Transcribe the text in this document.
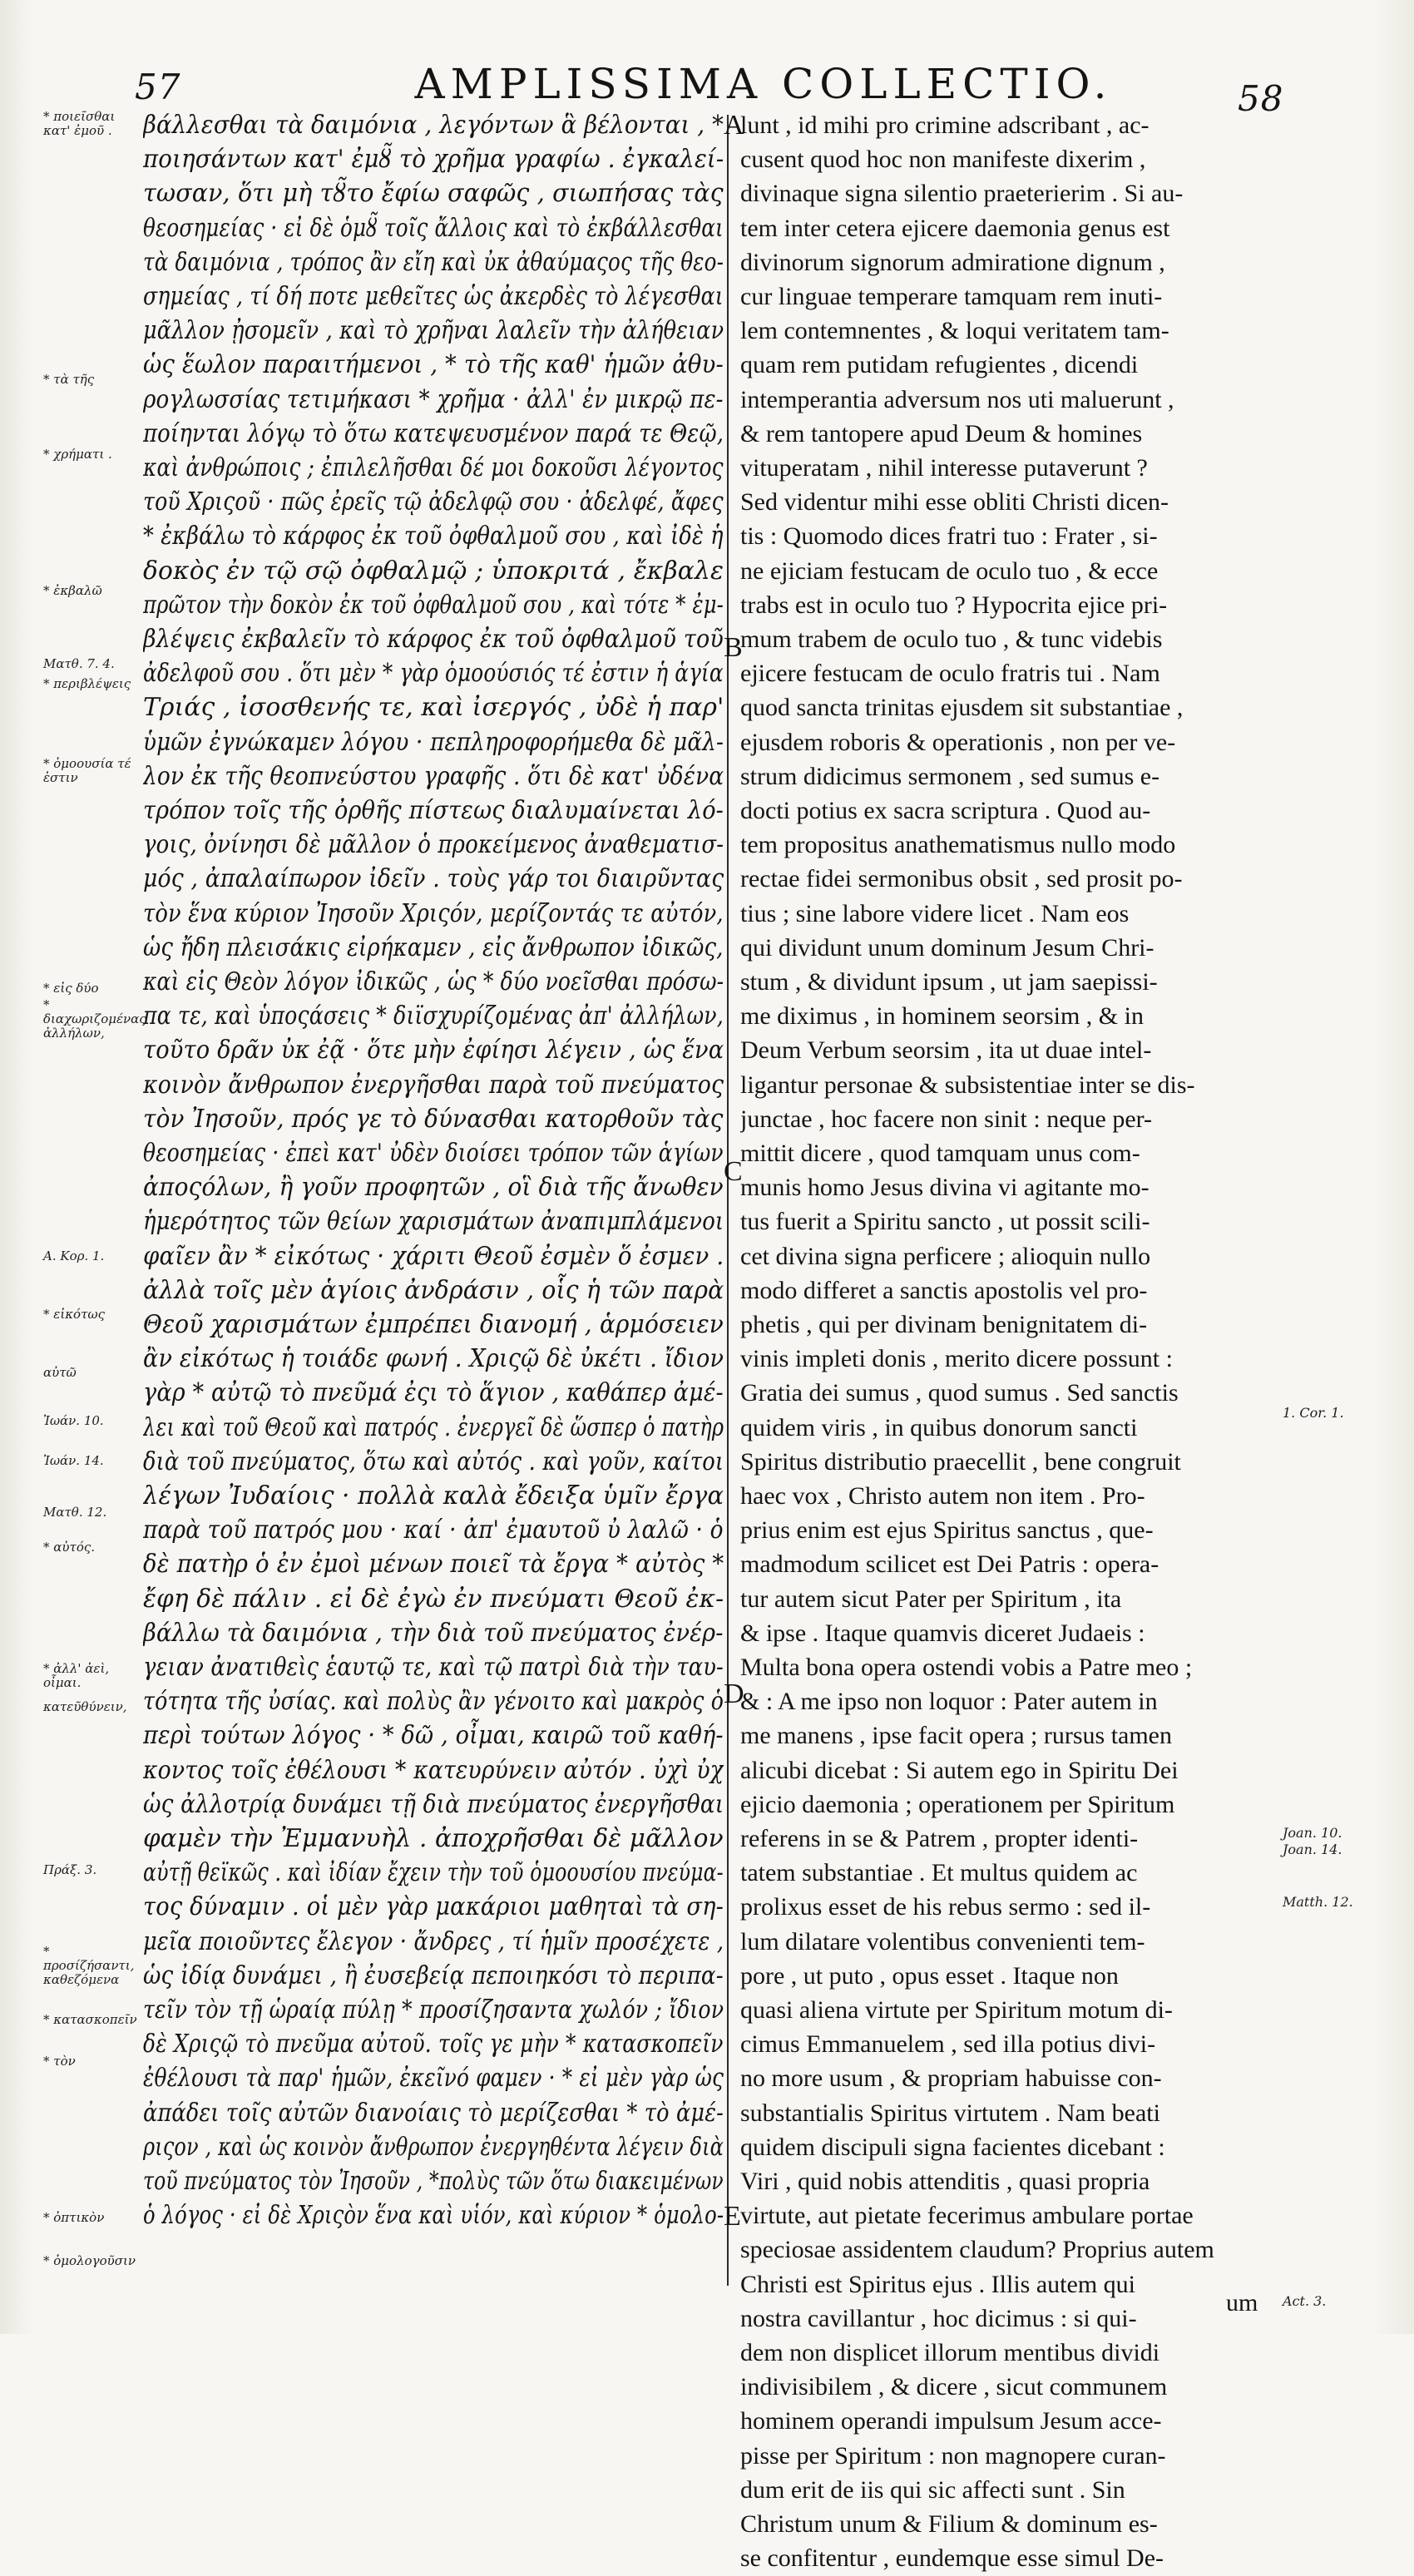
57	AMPLISSIMA COLLECTIO.	58
* ποιεῖσθαι κατ' ἐμοῦ .
* τὰ τῆς
* χρήματι .
* ἐκβαλῶ
Ματθ. 7. 4.
* περιβλέψεις
* ὁμοουσία τέ ἐστιν
* εἰς δύο
* διαχωριζομένας ἀλλήλων,
Α. Κορ. 1.
* εἰκότως
αὐτῶ
Ἰωάν. 10.
Ἰωάν. 14.
Ματθ. 12.
* αὐτός.
* ἀλλ' ἀεὶ, οἶμαι.
κατεῦθύνειν,
Πράξ. 3.
* προσίζήσαντι, καθεζόμενα
* κατασκοπεῖν
* τὸν
* ὀπτικὸν
* ὁμολογοῦσιν
βάλλεσθαι τὰ δαιμόνια , λεγόντων ἃ βέλονται , *
ποιησάντων κατ' ἐμȣ̃ τὸ χρῆμα γραφίω . ἐγκαλεί-
τωσαν, ὅτι μὴ τȣ̃το ἔφίω σαφῶς , σιωπήσας τὰς
θεοσημείας · εἰ δὲ ὁμȣ̃ τοῖς ἄλλοις καὶ τὸ ἐκβάλλεσθαι
τὰ δαιμόνια , τρόπος ἂν εἴη καὶ ὐκ ἀθαύμαςος τῆς θεο-
σημείας , τί δή ποτε μεθεῖτες ὡς ἀκερδὲς τὸ λέγεσθαι
μᾶλλον ᾐσομεῖν , καὶ τὸ χρῆναι λαλεῖν τὴν ἀλήθειαν
ὡς ἕωλον παραιτήμενοι , * τὸ τῆς καθ' ἡμῶν ἀθυ-
ρογλωσσίας τετιμήκασι * χρῆμα · ἀλλ' ἐν μικρῷ πε-
ποίηνται λόγῳ τὸ ὅτω κατεψευσμένον παρά τε Θεῷ,
καὶ ἀνθρώποις ; ἐπιλελῆσθαι δέ μοι δοκοῦσι λέγοντος
τοῦ Χριςοῦ · πῶς ἐρεῖς τῷ ἀδελφῷ σου · ἀδελφέ, ἄφες
* ἐκβάλω τὸ κάρφος ἐκ τοῦ ὀφθαλμοῦ σου , καὶ ἰδὲ ἡ
δοκὸς ἐν τῷ σῷ ὀφθαλμῷ ; ὑποκριτά , ἔκβαλε
πρῶτον τὴν δοκὸν ἐκ τοῦ ὀφθαλμοῦ σου , καὶ τότε * ἐμ-
βλέψεις ἐκβαλεῖν τὸ κάρφος ἐκ τοῦ ὀφθαλμοῦ τοῦ
ἀδελφοῦ σου . ὅτι μὲν * γὰρ ὁμοούσιός τέ ἐστιν ἡ ἁγία
Τριάς , ἰσοσθενής τε, καὶ ἰσεργός , ὐδὲ ἡ παρ'
ὑμῶν ἐγνώκαμεν λόγου · πεπληροφορήμεθα δὲ μᾶλ-
λον ἐκ τῆς θεοπνεύστου γραφῆς . ὅτι δὲ κατ' ὐδένα
τρόπον τοῖς τῆς ὀρθῆς πίστεως διαλυμαίνεται λό-
γοις, ὀνίνησι δὲ μᾶλλον ὁ προκείμενος ἀναθεματισ-
μός , ἀπαλαίπωρον ἰδεῖν . τοὺς γάρ τοι διαιρῦντας
τὸν ἕνα κύριον Ἰησοῦν Χριςόν, μερίζοντάς τε αὐτόν,
ὡς ἤδη πλεισάκις εἰρήκαμεν , εἰς ἄνθρωπον ἰδικῶς,
καὶ εἰς Θεὸν λόγον ἰδικῶς , ὡς * δύο νοεῖσθαι πρόσω-
πα τε, καὶ ὑποςάσεις * διϊσχυρίζομένας ἀπ' ἀλλήλων,
τοῦτο δρᾶν ὐκ ἐᾷ · ὅτε μὴν ἐφίησι λέγειν , ὡς ἕνα
κοινὸν ἄνθρωπον ἐνεργῆσθαι παρὰ τοῦ πνεύματος
τὸν Ἰησοῦν, πρός γε τὸ δύνασθαι κατορθοῦν τὰς
θεοσημείας · ἐπεὶ κατ' ὐδὲν διοίσει τρόπον τῶν ἁγίων
ἀποςόλων, ἢ γοῦν προφητῶν , οἳ διὰ τῆς ἄνωθεν
ἡμερότητος τῶν θείων χαρισμάτων ἀναπιμπλάμενοι
φαῖεν ἂν * εἰκότως · χάριτι Θεοῦ ἐσμὲν ὅ ἐσμεν .
ἀλλὰ τοῖς μὲν ἁγίοις ἀνδράσιν , οἷς ἡ τῶν παρὰ
Θεοῦ χαρισμάτων ἐμπρέπει διανομή , ἁρμόσειεν
ἂν εἰκότως ἡ τοιάδε φωνή . Χριςῷ δὲ ὐκέτι . ἴδιον
γὰρ * αὐτῷ τὸ πνεῦμά ἐςι τὸ ἅγιον , καθάπερ ἀμέ-
λει καὶ τοῦ Θεοῦ καὶ πατρός . ἐνεργεῖ δὲ ὥσπερ ὁ πατὴρ
διὰ τοῦ πνεύματος, ὅτω καὶ αὐτός . καὶ γοῦν, καίτοι
λέγων Ἰυδαίοις · πολλὰ καλὰ ἔδειξα ὑμῖν ἔργα
παρὰ τοῦ πατρός μου · καί · ἀπ' ἐμαυτοῦ ὐ λαλῶ · ὁ
δὲ πατὴρ ὁ ἐν ἐμοὶ μένων ποιεῖ τὰ ἔργα * αὐτὸς *
ἔφη δὲ πάλιν . εἰ δὲ ἐγὼ ἐν πνεύματι Θεοῦ ἐκ-
βάλλω τὰ δαιμόνια , τὴν διὰ τοῦ πνεύματος ἐνέρ-
γειαν ἀνατιθεὶς ἑαυτῷ τε, καὶ τῷ πατρὶ διὰ τὴν ταυ-
τότητα τῆς ὐσίας. καὶ πολὺς ἂν γένοιτο καὶ μακρὸς ὁ
περὶ τούτων λόγος · * δῶ , οἶμαι, καιρῶ τοῦ καθή-
κοντος τοῖς ἐθέλουσι * κατευρύνειν αὐτόν . ὐχὶ ὐχ
ὡς ἀλλοτρίᾳ δυνάμει τῇ διὰ πνεύματος ἐνεργῆσθαι
φαμὲν τὴν Ἐμμανυὴλ . ἀποχρῆσθαι δὲ μᾶλλον
αὐτῇ θεϊκῶς . καὶ ἰδίαν ἔχειν τὴν τοῦ ὁμοουσίου πνεύμα-
τος δύναμιν . οἱ μὲν γὰρ μακάριοι μαθηταὶ τὰ ση-
μεῖα ποιοῦντες ἔλεγον · ἄνδρες , τί ἡμῖν προσέχετε ,
ὡς ἰδίᾳ δυνάμει , ἢ ἐυσεβείᾳ πεποιηκόσι τὸ περιπα-
τεῖν τὸν τῇ ὡραίᾳ πύλῃ * προσίζησαντα χωλόν ; ἴδιον
δὲ Χριςῷ τὸ πνεῦμα αὐτοῦ. τοῖς γε μὴν * κατασκοπεῖν
ἐθέλουσι τὰ παρ' ἡμῶν, ἐκεῖνό φαμεν · * εἰ μὲν γὰρ ὡς
ἀπάδει τοῖς αὐτῶν διανοίαις τὸ μερίζεσθαι * τὸ ἀμέ-
ριςον , καὶ ὡς κοινὸν ἄνθρωπον ἐνεργηθέντα λέγειν διὰ
τοῦ πνεύματος τὸν Ἰησοῦν , *πολὺς τῶν ὅτω διακειμένων
ὁ λόγος · εἰ δὲ Χριςὸν ἕνα καὶ υἱόν, καὶ κύριον * ὁμολο-
A
B
C
D
E
lunt , id mihi pro crimine adscribant , ac-
cusent quod hoc non manifeste dixerim ,
divinaque signa silentio praeterierim . Si au-
tem inter cetera ejicere daemonia genus est
divinorum signorum admiratione dignum ,
cur linguae temperare tamquam rem inuti-
lem contemnentes , & loqui veritatem tam-
quam rem putidam refugientes , dicendi
intemperantia adversum nos uti maluerunt ,
& rem tantopere apud Deum & homines
vituperatam , nihil interesse putaverunt ?
Sed videntur mihi esse obliti Christi dicen-
tis : Quomodo dices fratri tuo : Frater , si-
ne ejiciam festucam de oculo tuo , & ecce
trabs est in oculo tuo ? Hypocrita ejice pri-
mum trabem de oculo tuo , & tunc videbis
ejicere festucam de oculo fratris tui . Nam
quod sancta trinitas ejusdem sit substantiae ,
ejusdem roboris & operationis , non per ve-
strum didicimus sermonem , sed sumus e-
docti potius ex sacra scriptura . Quod au-
tem propositus anathematismus nullo modo
rectae fidei sermonibus obsit , sed prosit po-
tius ; sine labore videre licet . Nam eos
qui dividunt unum dominum Jesum Chri-
stum , & dividunt ipsum , ut jam saepissi-
me diximus , in hominem seorsim , & in
Deum Verbum seorsim , ita ut duae intel-
ligantur personae & subsistentiae inter se dis-
junctae , hoc facere non sinit : neque per-
mittit dicere , quod tamquam unus com-
munis homo Jesus divina vi agitante mo-
tus fuerit a Spiritu sancto , ut possit scili-
cet divina signa perficere ; alioquin nullo
modo differet a sanctis apostolis vel pro-
phetis , qui per divinam benignitatem di-
vinis impleti donis , merito dicere possunt :
Gratia dei sumus , quod sumus . Sed sanctis
quidem viris , in quibus donorum sancti
Spiritus distributio praecellit , bene congruit
haec vox , Christo autem non item . Pro-
prius enim est ejus Spiritus sanctus , que-
madmodum scilicet est Dei Patris : opera-
tur autem sicut Pater per Spiritum , ita
& ipse . Itaque quamvis diceret Judaeis :
Multa bona opera ostendi vobis a Patre meo ;
& : A me ipso non loquor : Pater autem in
me manens , ipse facit opera ; rursus tamen
alicubi dicebat : Si autem ego in Spiritu Dei
ejicio daemonia ; operationem per Spiritum
referens in se & Patrem , propter identi-
tatem substantiae . Et multus quidem ac
prolixus esset de his rebus sermo : sed il-
lum dilatare volentibus convenienti tem-
pore , ut puto , opus esset . Itaque non
quasi aliena virtute per Spiritum motum di-
cimus Emmanuelem , sed illa potius divi-
no more usum , & propriam habuisse con-
substantialis Spiritus virtutem . Nam beati
quidem discipuli signa facientes dicebant :
Viri , quid nobis attenditis , quasi propria
virtute, aut pietate fecerimus ambulare portae
speciosae assidentem claudum? Proprius autem
Christi est Spiritus ejus . Illis autem qui
nostra cavillantur , hoc dicimus : si qui-
dem non displicet illorum mentibus dividi
indivisibilem , & dicere , sicut communem
hominem operandi impulsum Jesum acce-
pisse per Spiritum : non magnopere curan-
dum erit de iis qui sic affecti sunt . Sin
Christum unum & Filium & dominum es-
se confitentur , eundemque esse simul De-
1. Cor. 1.
Joan. 10.
Joan. 14.
Matth. 12.
Act. 3.
um
